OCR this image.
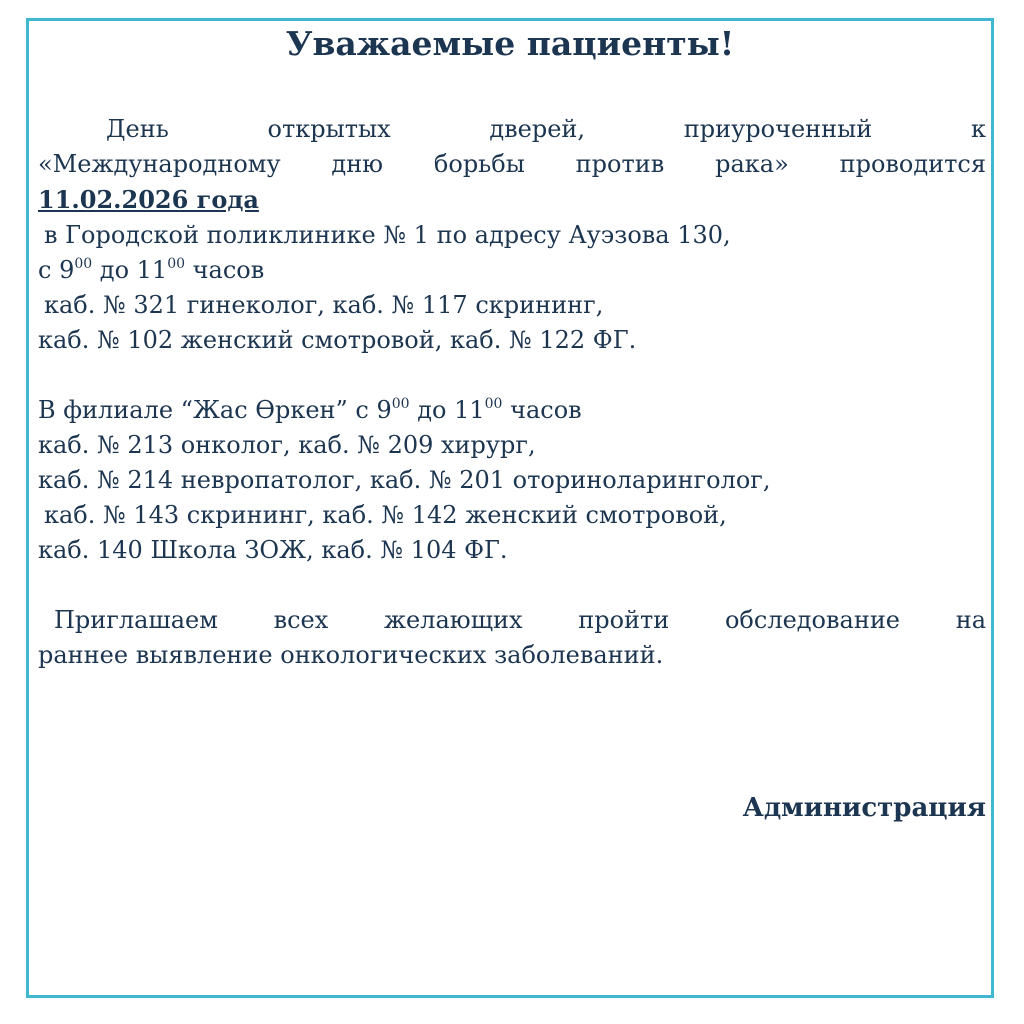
Уважаемые пациенты!
День открытых дверей, приуроченный к
«Международному дню борьбы против рака» проводится
11.02.2026 года
в Городской поликлинике № 1 по адресу Ауэзова 130,
с $9^{00}$ до $11^{00}$ часов
каб. № 321 гинеколог, каб. № 117 скрининг,
каб. № 102 женский смотровой, каб. № 122 ФГ.
В филиале “Жас Өркен” с $9^{00}$ до $11^{00}$ часов
каб. № 213 онколог, каб. № 209 хирург,
каб. № 214 невропатолог, каб. № 201 оториноларинголог,
каб. № 143 скрининг, каб. № 142 женский смотровой,
каб. 140 Школа ЗОЖ, каб. № 104 ФГ.
Приглашаем всех желающих пройти обследование на
раннее выявление онкологических заболеваний.
Администрация
